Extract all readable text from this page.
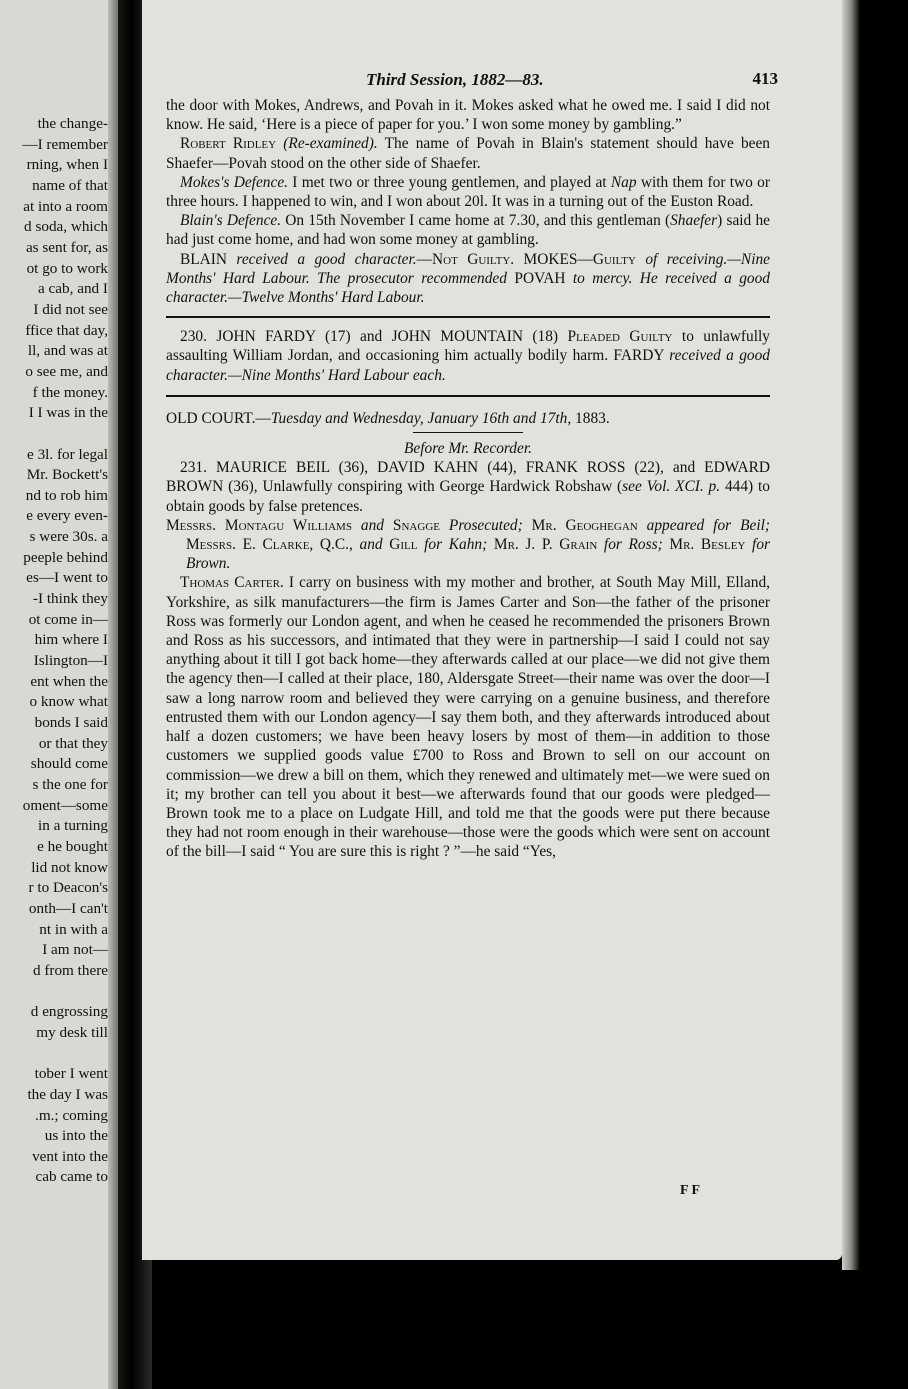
the change-
—I remember
rning, when I
name of that
at into a room
d soda, which
as sent for, as
ot go to work
a cab, and I
I did not see
ffice that day,
ll, and was at
o see me, and
f the money.
I I was in the

e 3l. for legal
Mr. Bockett's
nd to rob him
e every even-
s were 30s. a
peeple behind
es—I went to
-I think they
ot come in—
him where I
Islington—I
ent when the
o know what
bonds I said
or that they
should come
s the one for
oment—some
in a turning
e he bought
lid not know
r to Deacon's
onth—I can't
nt in with a
I am not—
d from there

d engrossing
my desk till

tober I went
the day I was
.m.; coming
us into the
vent into the
cab came to
Third Session, 1882—83.	413

the door with Mokes, Andrews, and Povah in it. Mokes asked what he owed me. I said I did not know. He said, ‘Here is a piece of paper for you.’ I won some money by gambling.”

Robert Ridley (Re-examined). The name of Povah in Blain's statement should have been Shaefer—Povah stood on the other side of Shaefer.

Mokes's Defence. I met two or three young gentlemen, and played at Nap with them for two or three hours. I happened to win, and I won about 20l. It was in a turning out of the Euston Road.

Blain's Defence. On 15th November I came home at 7.30, and this gentleman (Shaefer) said he had just come home, and had won some money at gambling.

BLAIN received a good character.—Not Guilty. MOKES—Guilty of receiving.—Nine Months' Hard Labour. The prosecutor recommended POVAH to mercy. He received a good character.—Twelve Months' Hard Labour.

230. JOHN FARDY (17) and JOHN MOUNTAIN (18) Pleaded Guilty to unlawfully assaulting William Jordan, and occasioning him actually bodily harm. FARDY received a good character.—Nine Months' Hard Labour each.

OLD COURT.—Tuesday and Wednesday, January 16th and 17th, 1883.

Before Mr. Recorder.

231. MAURICE BEIL (36), DAVID KAHN (44), FRANK ROSS (22), and EDWARD BROWN (36), Unlawfully conspiring with George Hardwick Robshaw (see Vol. XCI. p. 444) to obtain goods by false pretences.

Messrs. Montagu Williams and Snagge Prosecuted; Mr. Geoghegan appeared for Beil; Messrs. E. Clarke, Q.C., and Gill for Kahn; Mr. J. P. Grain for Ross; Mr. Besley for Brown.

Thomas Carter. I carry on business with my mother and brother, at South May Mill, Elland, Yorkshire, as silk manufacturers—the firm is James Carter and Son—the father of the prisoner Ross was formerly our London agent, and when he ceased he recommended the prisoners Brown and Ross as his successors, and intimated that they were in partnership—I said I could not say anything about it till I got back home—they afterwards called at our place—we did not give them the agency then—I called at their place, 180, Aldersgate Street—their name was over the door—I saw a long narrow room and believed they were carrying on a genuine business, and therefore entrusted them with our London agency—I say them both, and they afterwards introduced about half a dozen customers; we have been heavy losers by most of them—in addition to those customers we supplied goods value £700 to Ross and Brown to sell on our account on commission—we drew a bill on them, which they renewed and ultimately met—we were sued on it; my brother can tell you about it best—we afterwards found that our goods were pledged—Brown took me to a place on Ludgate Hill, and told me that the goods were put there because they had not room enough in their warehouse—those were the goods which were sent on account of the bill—I said “ You are sure this is right ? ”—he said “Yes,

F F
